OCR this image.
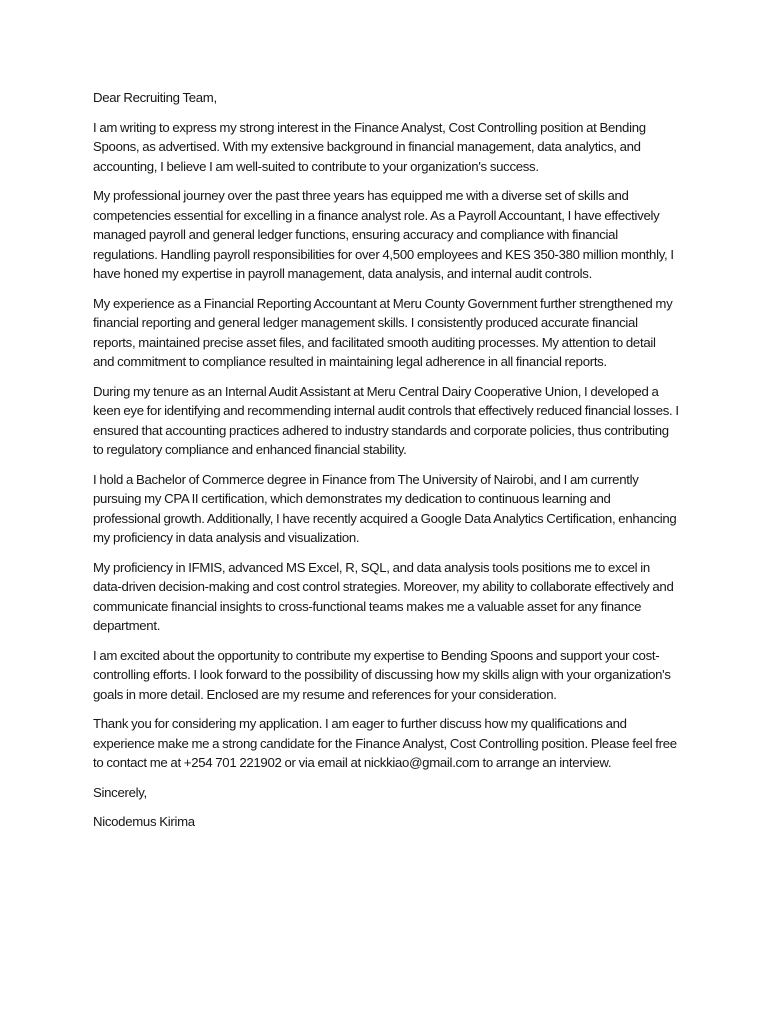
Dear Recruiting Team,

I am writing to express my strong interest in the Finance Analyst, Cost Controlling position at Bending Spoons, as advertised. With my extensive background in financial management, data analytics, and accounting, I believe I am well-suited to contribute to your organization's success.

My professional journey over the past three years has equipped me with a diverse set of skills and competencies essential for excelling in a finance analyst role. As a Payroll Accountant, I have effectively managed payroll and general ledger functions, ensuring accuracy and compliance with financial regulations. Handling payroll responsibilities for over 4,500 employees and KES 350-380 million monthly, I have honed my expertise in payroll management, data analysis, and internal audit controls.

My experience as a Financial Reporting Accountant at Meru County Government further strengthened my financial reporting and general ledger management skills. I consistently produced accurate financial reports, maintained precise asset files, and facilitated smooth auditing processes. My attention to detail and commitment to compliance resulted in maintaining legal adherence in all financial reports.

During my tenure as an Internal Audit Assistant at Meru Central Dairy Cooperative Union, I developed a keen eye for identifying and recommending internal audit controls that effectively reduced financial losses. I ensured that accounting practices adhered to industry standards and corporate policies, thus contributing to regulatory compliance and enhanced financial stability.

I hold a Bachelor of Commerce degree in Finance from The University of Nairobi, and I am currently pursuing my CPA II certification, which demonstrates my dedication to continuous learning and professional growth. Additionally, I have recently acquired a Google Data Analytics Certification, enhancing my proficiency in data analysis and visualization.

My proficiency in IFMIS, advanced MS Excel, R, SQL, and data analysis tools positions me to excel in data-driven decision-making and cost control strategies. Moreover, my ability to collaborate effectively and communicate financial insights to cross-functional teams makes me a valuable asset for any finance department.

I am excited about the opportunity to contribute my expertise to Bending Spoons and support your cost-controlling efforts. I look forward to the possibility of discussing how my skills align with your organization's goals in more detail. Enclosed are my resume and references for your consideration.

Thank you for considering my application. I am eager to further discuss how my qualifications and experience make me a strong candidate for the Finance Analyst, Cost Controlling position. Please feel free to contact me at +254 701 221902 or via email at nickkiao@gmail.com to arrange an interview.

Sincerely,

Nicodemus Kirima
